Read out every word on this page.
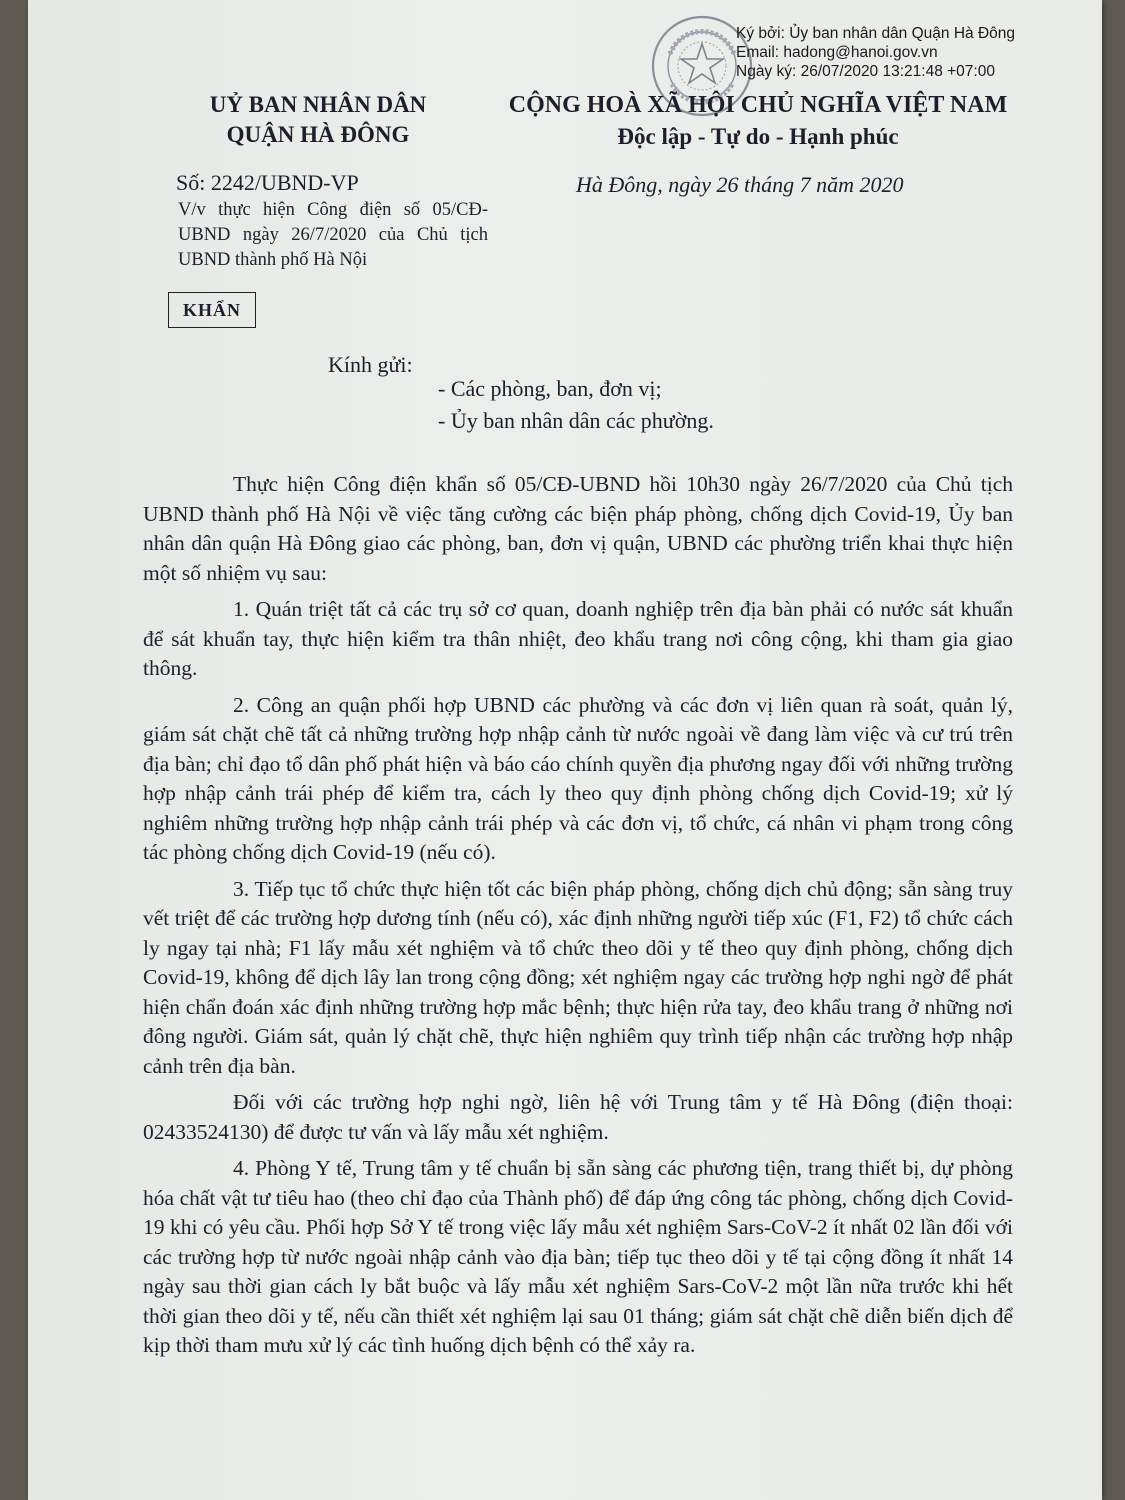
Ký bởi: Ủy ban nhân dân Quận Hà Đông
Email: hadong@hanoi.gov.vn
Ngày ký: 26/07/2020 13:21:48 +07:00
UỶ BAN NHÂN DÂN
QUẬN HÀ ĐÔNG
CỘNG HOÀ XÃ HỘI CHỦ NGHĨA VIỆT NAM
Độc lập - Tự do - Hạnh phúc
Số: 2242/UBND-VP
V/v thực hiện Công điện số 05/CĐ-UBND ngày 26/7/2020 của Chủ tịch UBND thành phố Hà Nội
Hà Đông, ngày 26 tháng 7 năm 2020
KHẨN
Kính gửi:
- Các phòng, ban, đơn vị;
- Ủy ban nhân dân các phường.

Thực hiện Công điện khẩn số 05/CĐ-UBND hồi 10h30 ngày 26/7/2020 của Chủ tịch UBND thành phố Hà Nội về việc tăng cường các biện pháp phòng, chống dịch Covid-19, Ủy ban nhân dân quận Hà Đông giao các phòng, ban, đơn vị quận, UBND các phường triển khai thực hiện một số nhiệm vụ sau:

1. Quán triệt tất cả các trụ sở cơ quan, doanh nghiệp trên địa bàn phải có nước sát khuẩn để sát khuẩn tay, thực hiện kiểm tra thân nhiệt, đeo khẩu trang nơi công cộng, khi tham gia giao thông.

2. Công an quận phối hợp UBND các phường và các đơn vị liên quan rà soát, quản lý, giám sát chặt chẽ tất cả những trường hợp nhập cảnh từ nước ngoài về đang làm việc và cư trú trên địa bàn; chỉ đạo tổ dân phố phát hiện và báo cáo chính quyền địa phương ngay đối với những trường hợp nhập cảnh trái phép để kiểm tra, cách ly theo quy định phòng chống dịch Covid-19; xử lý nghiêm những trường hợp nhập cảnh trái phép và các đơn vị, tổ chức, cá nhân vi phạm trong công tác phòng chống dịch Covid-19 (nếu có).

3. Tiếp tục tổ chức thực hiện tốt các biện pháp phòng, chống dịch chủ động; sẵn sàng truy vết triệt để các trường hợp dương tính (nếu có), xác định những người tiếp xúc (F1, F2) tổ chức cách ly ngay tại nhà; F1 lấy mẫu xét nghiệm và tổ chức theo dõi y tế theo quy định phòng, chống dịch Covid-19, không để dịch lây lan trong cộng đồng; xét nghiệm ngay các trường hợp nghi ngờ để phát hiện chẩn đoán xác định những trường hợp mắc bệnh; thực hiện rửa tay, đeo khẩu trang ở những nơi đông người. Giám sát, quản lý chặt chẽ, thực hiện nghiêm quy trình tiếp nhận các trường hợp nhập cảnh trên địa bàn.

Đối với các trường hợp nghi ngờ, liên hệ với Trung tâm y tế Hà Đông (điện thoại: 02433524130) để được tư vấn và lấy mẫu xét nghiệm.

4. Phòng Y tế, Trung tâm y tế chuẩn bị sẵn sàng các phương tiện, trang thiết bị, dự phòng hóa chất vật tư tiêu hao (theo chỉ đạo của Thành phố) để đáp ứng công tác phòng, chống dịch Covid-19 khi có yêu cầu. Phối hợp Sở Y tế trong việc lấy mẫu xét nghiệm Sars-CoV-2 ít nhất 02 lần đối với các trường hợp từ nước ngoài nhập cảnh vào địa bàn; tiếp tục theo dõi y tế tại cộng đồng ít nhất 14 ngày sau thời gian cách ly bắt buộc và lấy mẫu xét nghiệm Sars-CoV-2 một lần nữa trước khi hết thời gian theo dõi y tế, nếu cần thiết xét nghiệm lại sau 01 tháng; giám sát chặt chẽ diễn biến dịch để kịp thời tham mưu xử lý các tình huống dịch bệnh có thể xảy ra.
